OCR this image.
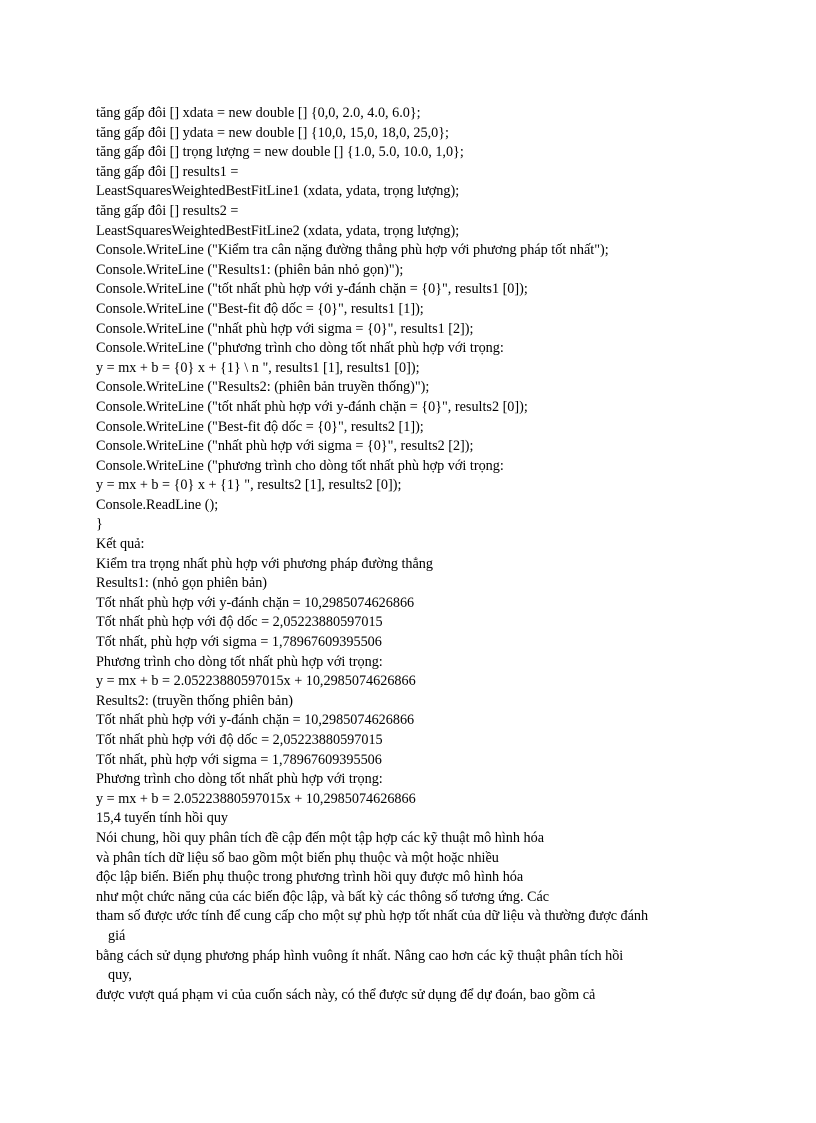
tăng gấp đôi [] xdata = new double [] {0,0, 2.0, 4.0, 6.0};
tăng gấp đôi [] ydata = new double [] {10,0, 15,0, 18,0, 25,0};
tăng gấp đôi [] trọng lượng = new double [] {1.0, 5.0, 10.0, 1,0};
tăng gấp đôi [] results1 =
LeastSquaresWeightedBestFitLine1 (xdata, ydata, trọng lượng);
tăng gấp đôi [] results2 =
LeastSquaresWeightedBestFitLine2 (xdata, ydata, trọng lượng);
Console.WriteLine ("Kiểm tra cân nặng đường thẳng phù hợp với phương pháp tốt nhất");
Console.WriteLine ("Results1: (phiên bản nhỏ gọn)");
Console.WriteLine ("tốt nhất phù hợp với y-đánh chặn = {0}", results1 [0]);
Console.WriteLine ("Best-fit độ dốc = {0}", results1 [1]);
Console.WriteLine ("nhất phù hợp với sigma = {0}", results1 [2]);
Console.WriteLine ("phương trình cho dòng tốt nhất phù hợp với trọng:
y = mx + b = {0} x + {1} \ n ", results1 [1], results1 [0]);
Console.WriteLine ("Results2: (phiên bản truyền thống)");
Console.WriteLine ("tốt nhất phù hợp với y-đánh chặn = {0}", results2 [0]);
Console.WriteLine ("Best-fit độ dốc = {0}", results2 [1]);
Console.WriteLine ("nhất phù hợp với sigma = {0}", results2 [2]);
Console.WriteLine ("phương trình cho dòng tốt nhất phù hợp với trọng:
y = mx + b = {0} x + {1} ", results2 [1], results2 [0]);
Console.ReadLine ();
}
Kết quả:
Kiểm tra trọng nhất phù hợp với phương pháp đường thẳng
Results1: (nhỏ gọn phiên bản)
Tốt nhất phù hợp với y-đánh chặn = 10,2985074626866
Tốt nhất phù hợp với độ dốc = 2,05223880597015
Tốt nhất, phù hợp với sigma = 1,78967609395506
Phương trình cho dòng tốt nhất phù hợp với trọng:
y = mx + b = 2.05223880597015x + 10,2985074626866
Results2: (truyền thống phiên bản)
Tốt nhất phù hợp với y-đánh chặn = 10,2985074626866
Tốt nhất phù hợp với độ dốc = 2,05223880597015
Tốt nhất, phù hợp với sigma = 1,78967609395506
Phương trình cho dòng tốt nhất phù hợp với trọng:
y = mx + b = 2.05223880597015x + 10,2985074626866
15,4 tuyến tính hồi quy
Nói chung, hồi quy phân tích đề cập đến một tập hợp các kỹ thuật mô hình hóa
và phân tích dữ liệu số bao gồm một biến phụ thuộc và một hoặc nhiều
độc lập biến. Biến phụ thuộc trong phương trình hồi quy được mô hình hóa
như một chức năng của các biến độc lập, và bất kỳ các thông số tương ứng. Các
tham số được ước tính để cung cấp cho một sự phù hợp tốt nhất của dữ liệu và thường được đánh
giá
bằng cách sử dụng phương pháp hình vuông ít nhất. Nâng cao hơn các kỹ thuật phân tích hồi
quy,
được vượt quá phạm vi của cuốn sách này, có thể được sử dụng để dự đoán, bao gồm cả
